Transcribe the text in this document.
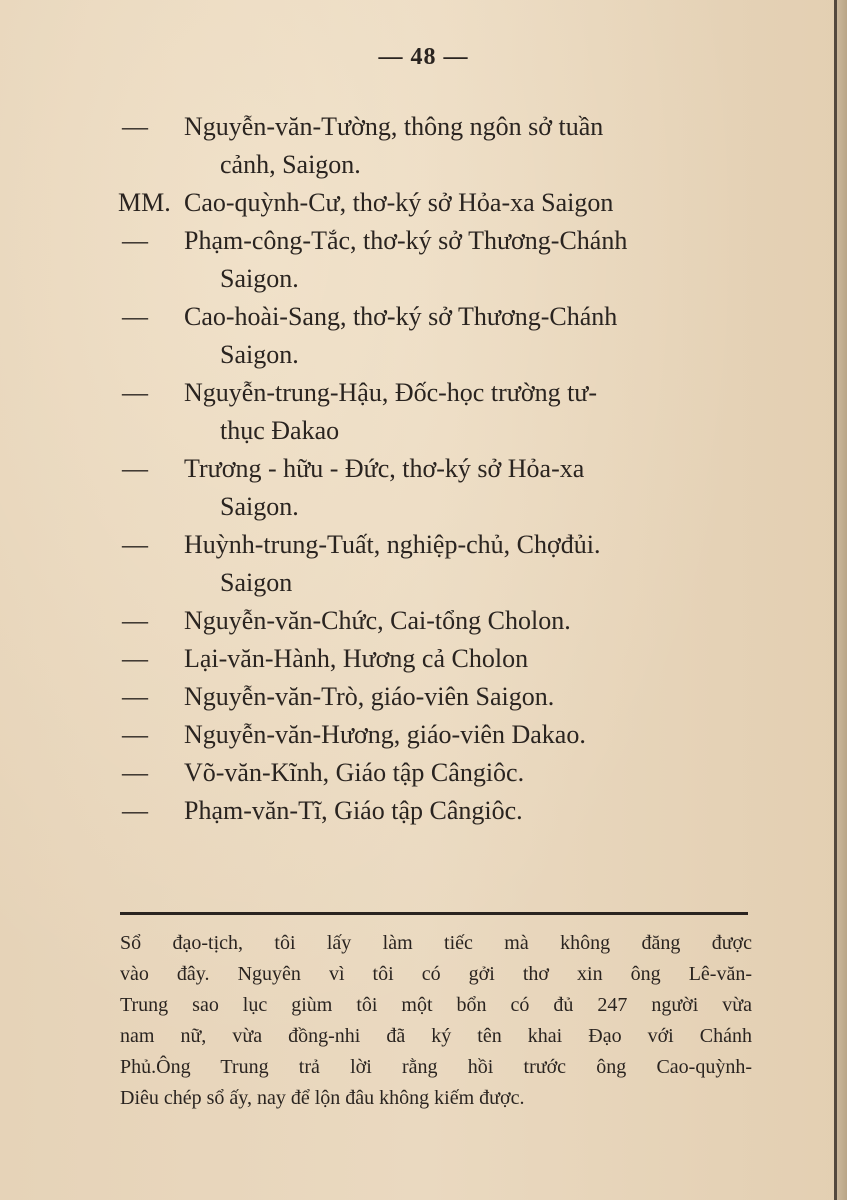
— 48 —
—	Nguyễn-văn-Tường, thông ngôn sở tuần
cảnh, Saigon.
MM. Cao-quỳnh-Cư, thơ-ký sở Hỏa-xa Saigon
—	Phạm-công-Tắc, thơ-ký sở Thương-Chánh
Saigon.
—	Cao-hoài-Sang, thơ-ký sở Thương-Chánh
Saigon.
—	Nguyễn-trung-Hậu, Đốc-học trường tư-
thục Đakao
—	Trương - hữu - Đức, thơ-ký sở Hỏa-xa
Saigon.
—	Huỳnh-trung-Tuất, nghiệp-chủ, Chợđủi.
Saigon
—	Nguyễn-văn-Chức, Cai-tổng Cholon.
—	Lại-văn-Hành, Hương cả Cholon
—	Nguyễn-văn-Trò, giáo-viên Saigon.
—	Nguyễn-văn-Hương, giáo-viên Dakao.
—	Võ-văn-Kĩnh, Giáo tập Cângiôc.
—	Phạm-văn-Tĩ, Giáo tập Cângiôc.
Sổ đạo-tịch, tôi lấy làm tiếc mà không đăng được
vào đây. Nguyên vì tôi có gởi thơ xin ông Lê-văn-
Trung sao lục giùm tôi một bổn có đủ 247 người vừa
nam nữ, vừa đồng-nhi đã ký tên khai Đạo với Chánh
Phủ.Ông Trung trả lời rằng hồi trước ông Cao-quỳnh-
Diêu chép sổ ấy, nay để lộn đâu không kiếm được.
